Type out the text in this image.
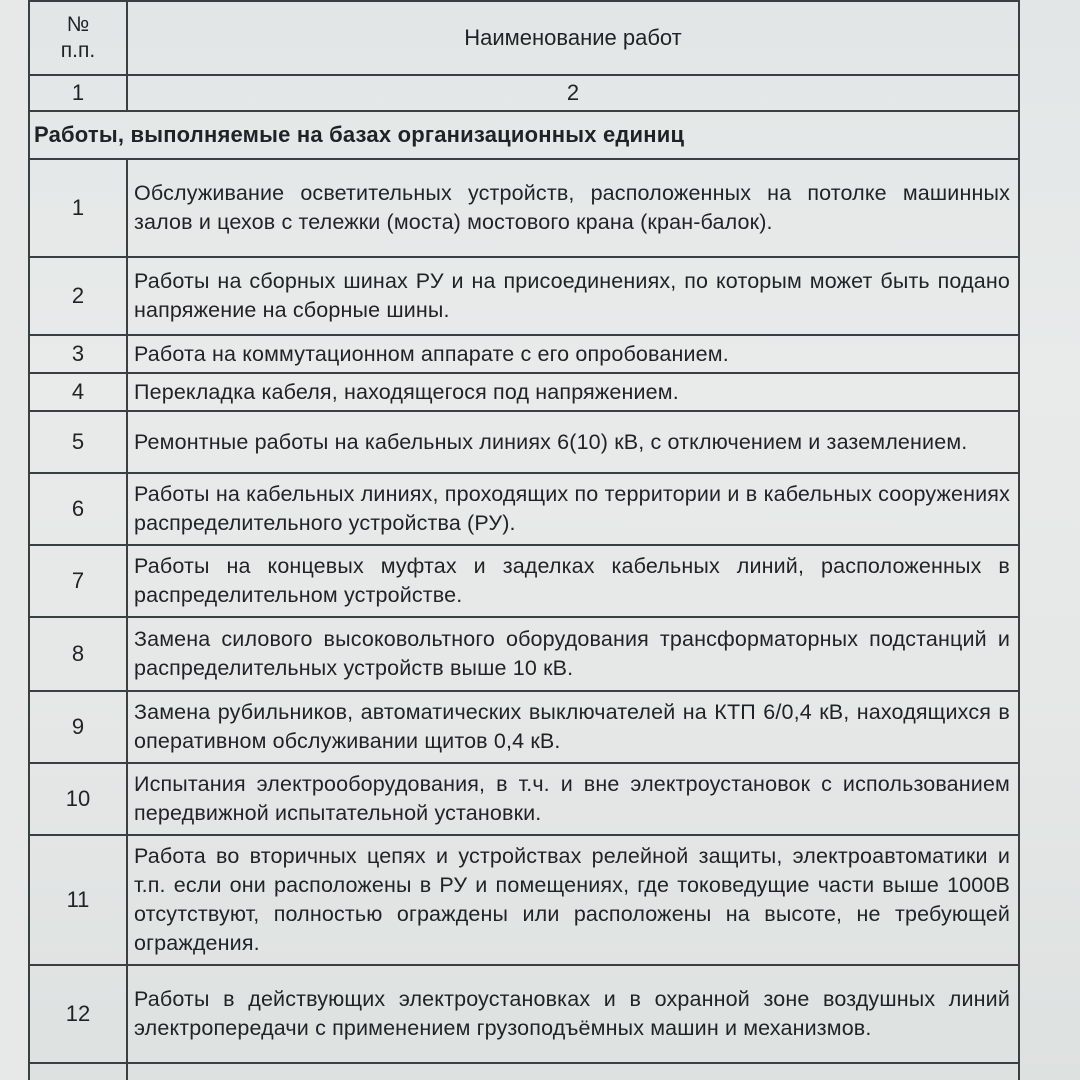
№
п.п.	Наименование работ
1	2
Работы, выполняемые на базах организационных единиц	
1	Обслуживание осветительных устройств, расположенных на потолке машинных залов и цехов с тележки (моста) мостового крана (кран-балок).
2	Работы на сборных шинах РУ и на присоединениях, по которым может быть подано напряжение на сборные шины.
3	Работа на коммутационном аппарате с его опробованием.
4	Перекладка кабеля, находящегося под напряжением.
5	Ремонтные работы на кабельных линиях 6(10) кВ, с отключением и заземлением.
6	Работы на кабельных линиях, проходящих по территории и в кабельных сооружениях распределительного устройства (РУ).
7	Работы на концевых муфтах и заделках кабельных линий, расположенных в распределительном устройстве.
8	Замена силового высоковольтного оборудования трансформаторных подстанций и распределительных устройств выше 10 кВ.
9	Замена рубильников, автоматических выключателей на КТП 6/0,4 кВ, находящихся в оперативном обслуживании щитов 0,4 кВ.
10	Испытания электрооборудования, в т.ч. и вне электроустановок с использованием передвижной испытательной установки.
11	Работа во вторичных цепях и устройствах релейной защиты, электроавтоматики и т.п. если они расположены в РУ и помещениях, где токоведущие части выше 1000В отсутствуют, полностью ограждены или расположены на высоте, не требующей ограждения.
12	Работы в действующих электроустановках и в охранной зоне воздушных линий электропередачи с применением грузоподъёмных машин и механизмов.
